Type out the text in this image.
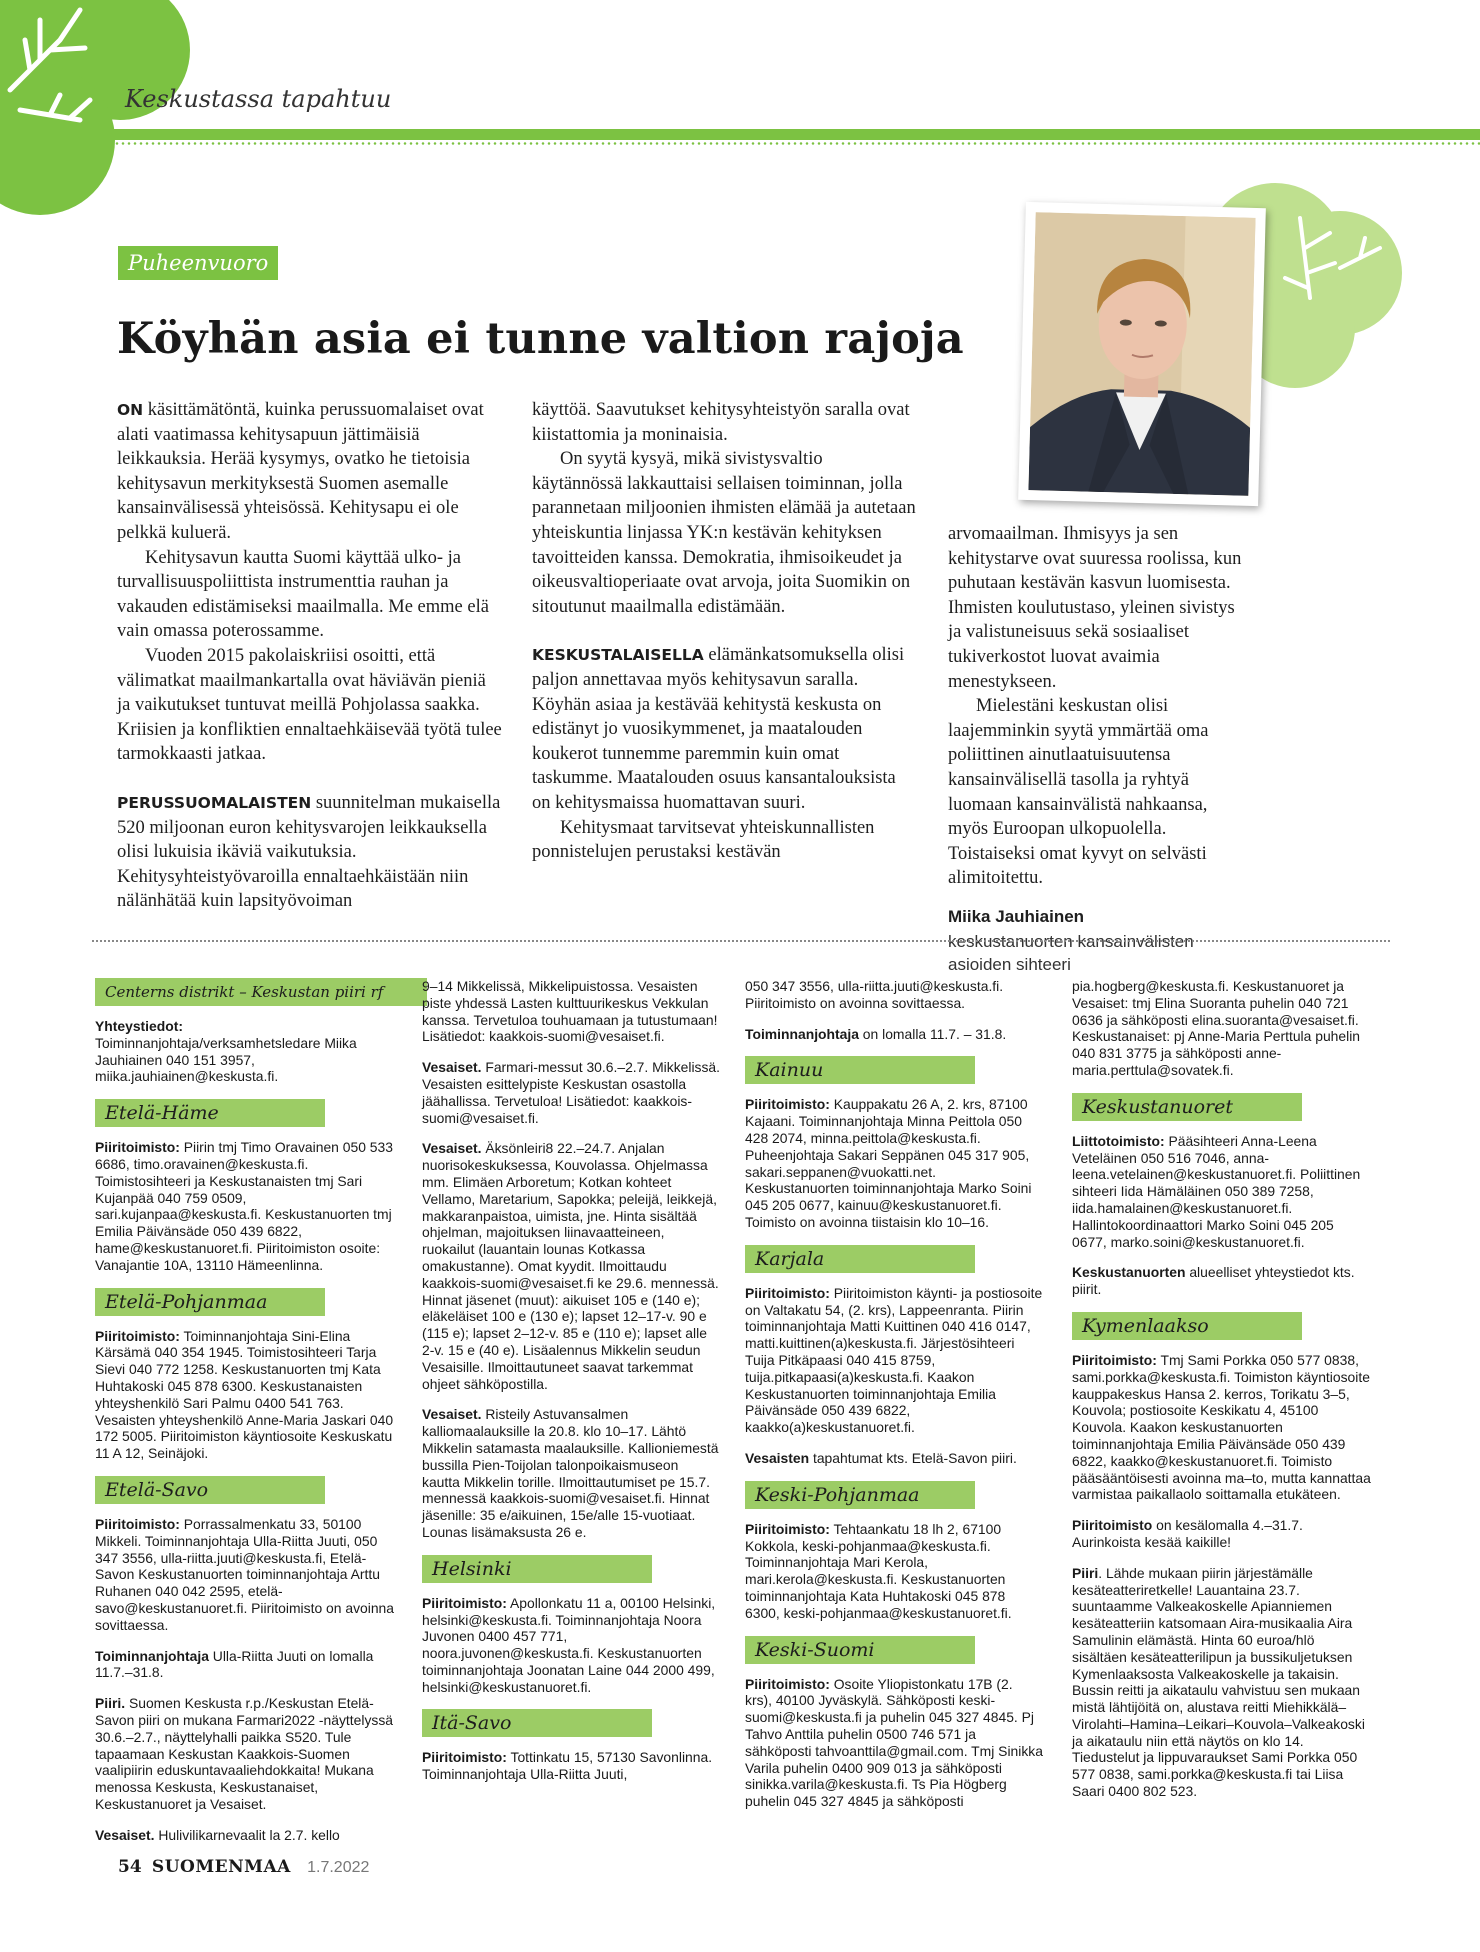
Keskustassa tapahtuu
Puheenvuoro
Köyhän asia ei tunne valtion rajoja

ON käsittämätöntä, kuinka perussuomalaiset ovat alati vaatimassa kehitysapuun jättimäisiä leikkauksia. Herää kysymys, ovatko he tietoisia kehitysavun merkityksestä Suomen asemalle kansainvälisessä yhteisössä. Kehitysapu ei ole pelkkä kuluerä.

Kehitysavun kautta Suomi käyttää ulko- ja turvallisuuspoliittista instrumenttia rauhan ja vakauden edistämiseksi maailmalla. Me emme elä vain omassa poterossamme.

Vuoden 2015 pakolaiskriisi osoitti, että välimatkat maailmankartalla ovat häviävän pieniä ja vaikutukset tuntuvat meillä Pohjolassa saakka. Kriisien ja konfliktien ennaltaehkäisevää työtä tulee tarmokkaasti jatkaa.

PERUSSUOMALAISTEN suunnitelman mukaisella 520 miljoonan euron kehitysvarojen leikkauksella olisi lukuisia ikäviä vaikutuksia. Kehitysyhteistyövaroilla ennaltaehkäistään niin nälänhätää kuin lapsityövoiman

käyttöä. Saavutukset kehitysyhteistyön saralla ovat kiistattomia ja moninaisia.

On syytä kysyä, mikä sivistysvaltio käytännössä lakkauttaisi sellaisen toiminnan, jolla parannetaan miljoonien ihmisten elämää ja autetaan yhteiskuntia linjassa YK:n kestävän kehityksen tavoitteiden kanssa. Demokratia, ihmisoikeudet ja oikeusvaltioperiaate ovat arvoja, joita Suomikin on sitoutunut maailmalla edistämään.

KESKUSTALAISELLA elämänkatsomuksella olisi paljon annettavaa myös kehitysavun saralla. Köyhän asiaa ja kestävää kehitystä keskusta on edistänyt jo vuosikymmenet, ja maatalouden koukerot tunnemme paremmin kuin omat taskumme. Maatalouden osuus kansantalouksista on kehitysmaissa huomattavan suuri.

Kehitysmaat tarvitsevat yhteiskunnallisten ponnistelujen perustaksi kestävän

arvomaailman. Ihmisyys ja sen kehitystarve ovat suuressa roolissa, kun puhutaan kestävän kasvun luomisesta. Ihmisten koulutustaso, yleinen sivistys ja valistuneisuus sekä sosiaaliset tukiverkostot luovat avaimia menestykseen.

Mielestäni keskustan olisi laajemminkin syytä ymmärtää oma poliittinen ainutlaatuisuutensa kansainvälisellä tasolla ja ryhtyä luomaan kansainvälistä nahkaansa, myös Euroopan ulkopuolella. Toistaiseksi omat kyvyt on selvästi alimitoitettu.

Miika Jauhiainen
keskustanuorten kansainvälisten asioiden sihteeri
Centerns distrikt – Keskustan piiri rf

Yhteystiedot: Toiminnanjohtaja/verksamhetsledare Miika Jauhiainen 040 151 3957, miika.jauhiainen@keskusta.fi.

Etelä-Häme

Piiritoimisto: Piirin tmj Timo Oravainen 050 533 6686, timo.oravainen@keskusta.fi. Toimistosihteeri ja Keskustanaisten tmj Sari Kujanpää 040 759 0509, sari.kujanpaa@keskusta.fi. Keskustanuorten tmj Emilia Päivänsäde 050 439 6822, hame@keskustanuoret.fi. Piiritoimiston osoite: Vanajantie 10A, 13110 Hämeenlinna.

Etelä-Pohjanmaa

Piiritoimisto: Toiminnanjohtaja Sini-Elina Kärsämä 040 354 1945. Toimistosihteeri Tarja Sievi 040 772 1258. Keskustanuorten tmj Kata Huhtakoski 045 878 6300. Keskustanaisten yhteyshenkilö Sari Palmu 0400 541 763. Vesaisten yhteyshenkilö Anne-Maria Jaskari 040 172 5005. Piiritoimiston käyntiosoite Keskuskatu 11 A 12, Seinäjoki.

Etelä-Savo

Piiritoimisto: Porrassalmenkatu 33, 50100 Mikkeli. Toiminnanjohtaja Ulla-Riitta Juuti, 050 347 3556, ulla-riitta.juuti@keskusta.fi, Etelä-Savon Keskustanuorten toiminnanjohtaja Arttu Ruhanen 040 042 2595, etelä-savo@keskustanuoret.fi. Piiritoimisto on avoinna sovittaessa.

Toiminnanjohtaja Ulla-Riitta Juuti on lomalla 11.7.–31.8.

Piiri. Suomen Keskusta r.p./Keskustan Etelä-Savon piiri on mukana Farmari2022 -näyttelyssä 30.6.–2.7., näyttelyhalli paikka S520. Tule tapaamaan Keskustan Kaakkois-Suomen vaalipiirin eduskuntavaaliehdokkaita! Mukana menossa Keskusta, Keskustanaiset, Keskustanuoret ja Vesaiset.

Vesaiset. Hulivilikarnevaalit la 2.7. kello

9–14 Mikkelissä, Mikkelipuistossa. Vesaisten piste yhdessä Lasten kulttuurikeskus Vekkulan kanssa. Tervetuloa touhuamaan ja tutustumaan! Lisätiedot: kaakkois-suomi@vesaiset.fi.

Vesaiset. Farmari-messut 30.6.–2.7. Mikkelissä. Vesaisten esittelypiste Keskustan osastolla jäähallissa. Tervetuloa! Lisätiedot: kaakkois-suomi@vesaiset.fi.

Vesaiset. Äksönleiri8 22.–24.7. Anjalan nuorisokeskuksessa, Kouvolassa. Ohjelmassa mm. Elimäen Arboretum; Kotkan kohteet Vellamo, Maretarium, Sapokka; peleijä, leikkejä, makkaranpaistoa, uimista, jne. Hinta sisältää ohjelman, majoituksen liinavaatteineen, ruokailut (lauantain lounas Kotkassa omakustanne). Omat kyydit. Ilmoittaudu kaakkois-suomi@vesaiset.fi ke 29.6. mennessä. Hinnat jäsenet (muut): aikuiset 105 e (140 e); eläkeläiset 100 e (130 e); lapset 12–17-v. 90 e (115 e); lapset 2–12-v. 85 e (110 e); lapset alle 2-v. 15 e (40 e). Lisäalennus Mikkelin seudun Vesaisille. Ilmoittautuneet saavat tarkemmat ohjeet sähköpostilla.

Vesaiset. Risteily Astuvansalmen kalliomaalauksille la 20.8. klo 10–17. Lähtö Mikkelin satamasta maalauksille. Kallioniemestä bussilla Pien-Toijolan talonpoikaismuseon kautta Mikkelin torille. Ilmoittautumiset pe 15.7. mennessä kaakkois-suomi@vesaiset.fi. Hinnat jäsenille: 35 e/aikuinen, 15e/alle 15-vuotiaat. Lounas lisämaksusta 26 e.

Helsinki

Piiritoimisto: Apollonkatu 11 a, 00100 Helsinki, helsinki@keskusta.fi. Toiminnanjohtaja Noora Juvonen 0400 457 771, noora.juvonen@keskusta.fi. Keskustanuorten toiminnanjohtaja Joonatan Laine 044 2000 499, helsinki@keskustanuoret.fi.

Itä-Savo

Piiritoimisto: Tottinkatu 15, 57130 Savonlinna. Toiminnanjohtaja Ulla-Riitta Juuti,

050 347 3556, ulla-riitta.juuti@keskusta.fi. Piiritoimisto on avoinna sovittaessa.

Toiminnanjohtaja on lomalla 11.7. – 31.8.

Kainuu

Piiritoimisto: Kauppakatu 26 A, 2. krs, 87100 Kajaani. Toiminnanjohtaja Minna Peittola 050 428 2074, minna.peittola@keskusta.fi. Puheenjohtaja Sakari Seppänen 045 317 905, sakari.seppanen@vuokatti.net. Keskustanuorten toiminnanjohtaja Marko Soini 045 205 0677, kainuu@keskustanuoret.fi. Toimisto on avoinna tiistaisin klo 10–16.

Karjala

Piiritoimisto: Piiritoimiston käynti- ja postiosoite on Valtakatu 54, (2. krs), Lappeenranta. Piirin toiminnanjohtaja Matti Kuittinen 040 416 0147, matti.kuittinen(a)keskusta.fi. Järjestösihteeri Tuija Pitkäpaasi 040 415 8759, tuija.pitkapaasi(a)keskusta.fi. Kaakon Keskustanuorten toiminnanjohtaja Emilia Päivänsäde 050 439 6822, kaakko(a)keskustanuoret.fi.

Vesaisten tapahtumat kts. Etelä-Savon piiri.

Keski-Pohjanmaa

Piiritoimisto: Tehtaankatu 18 lh 2, 67100 Kokkola, keski-pohjanmaa@keskusta.fi. Toiminnanjohtaja Mari Kerola, mari.kerola@keskusta.fi. Keskustanuorten toiminnanjohtaja Kata Huhtakoski 045 878 6300, keski-pohjanmaa@keskustanuoret.fi.

Keski-Suomi

Piiritoimisto: Osoite Yliopistonkatu 17B (2. krs), 40100 Jyväskylä. Sähköposti keski-suomi@keskusta.fi ja puhelin 045 327 4845. Pj Tahvo Anttila puhelin 0500 746 571 ja sähköposti tahvoanttila@gmail.com. Tmj Sinikka Varila puhelin 0400 909 013 ja sähköposti sinikka.varila@keskusta.fi. Ts Pia Högberg puhelin 045 327 4845 ja sähköposti

pia.hogberg@keskusta.fi. Keskustanuoret ja Vesaiset: tmj Elina Suoranta puhelin 040 721 0636 ja sähköposti elina.suoranta@vesaiset.fi. Keskustanaiset: pj Anne-Maria Perttula puhelin 040 831 3775 ja sähköposti anne-maria.perttula@sovatek.fi.

Keskustanuoret

Liittotoimisto: Pääsihteeri Anna-Leena Veteläinen 050 516 7046, anna-leena.vetelainen@keskustanuoret.fi. Poliittinen sihteeri Iida Hämäläinen 050 389 7258, iida.hamalainen@keskustanuoret.fi. Hallintokoordinaattori Marko Soini 045 205 0677, marko.soini@keskustanuoret.fi.

Keskustanuorten alueelliset yhteystiedot kts. piirit.

Kymenlaakso

Piiritoimisto: Tmj Sami Porkka 050 577 0838, sami.porkka@keskusta.fi. Toimiston käyntiosoite kauppakeskus Hansa 2. kerros, Torikatu 3–5, Kouvola; postiosoite Keskikatu 4, 45100 Kouvola. Kaakon keskustanuorten toiminnanjohtaja Emilia Päivänsäde 050 439 6822, kaakko@keskustanuoret.fi. Toimisto pääsääntöisesti avoinna ma–to, mutta kannattaa varmistaa paikallaolo soittamalla etukäteen.

Piiritoimisto on kesälomalla 4.–31.7. Aurinkoista kesää kaikille!

Piiri. Lähde mukaan piirin järjestämälle kesäteatteriretkelle! Lauantaina 23.7. suuntaamme Valkeakoskelle Apianniemen kesäteatteriin katsomaan Aira-musikaalia Aira Samulinin elämästä. Hinta 60 euroa/hlö sisältäen kesäteatterilipun ja bussikuljetuksen Kymenlaaksosta Valkeakoskelle ja takaisin. Bussin reitti ja aikataulu vahvistuu sen mukaan mistä lähtijöitä on, alustava reitti Miehikkälä–Virolahti–Hamina–Leikari–Kouvola–Valkeakoski ja aikataulu niin että näytös on klo 14. Tiedustelut ja lippuvaraukset Sami Porkka 050 577 0838, sami.porkka@keskusta.fi tai Liisa Saari 0400 802 523.

54 SUOMENMAA 1.7.2022
